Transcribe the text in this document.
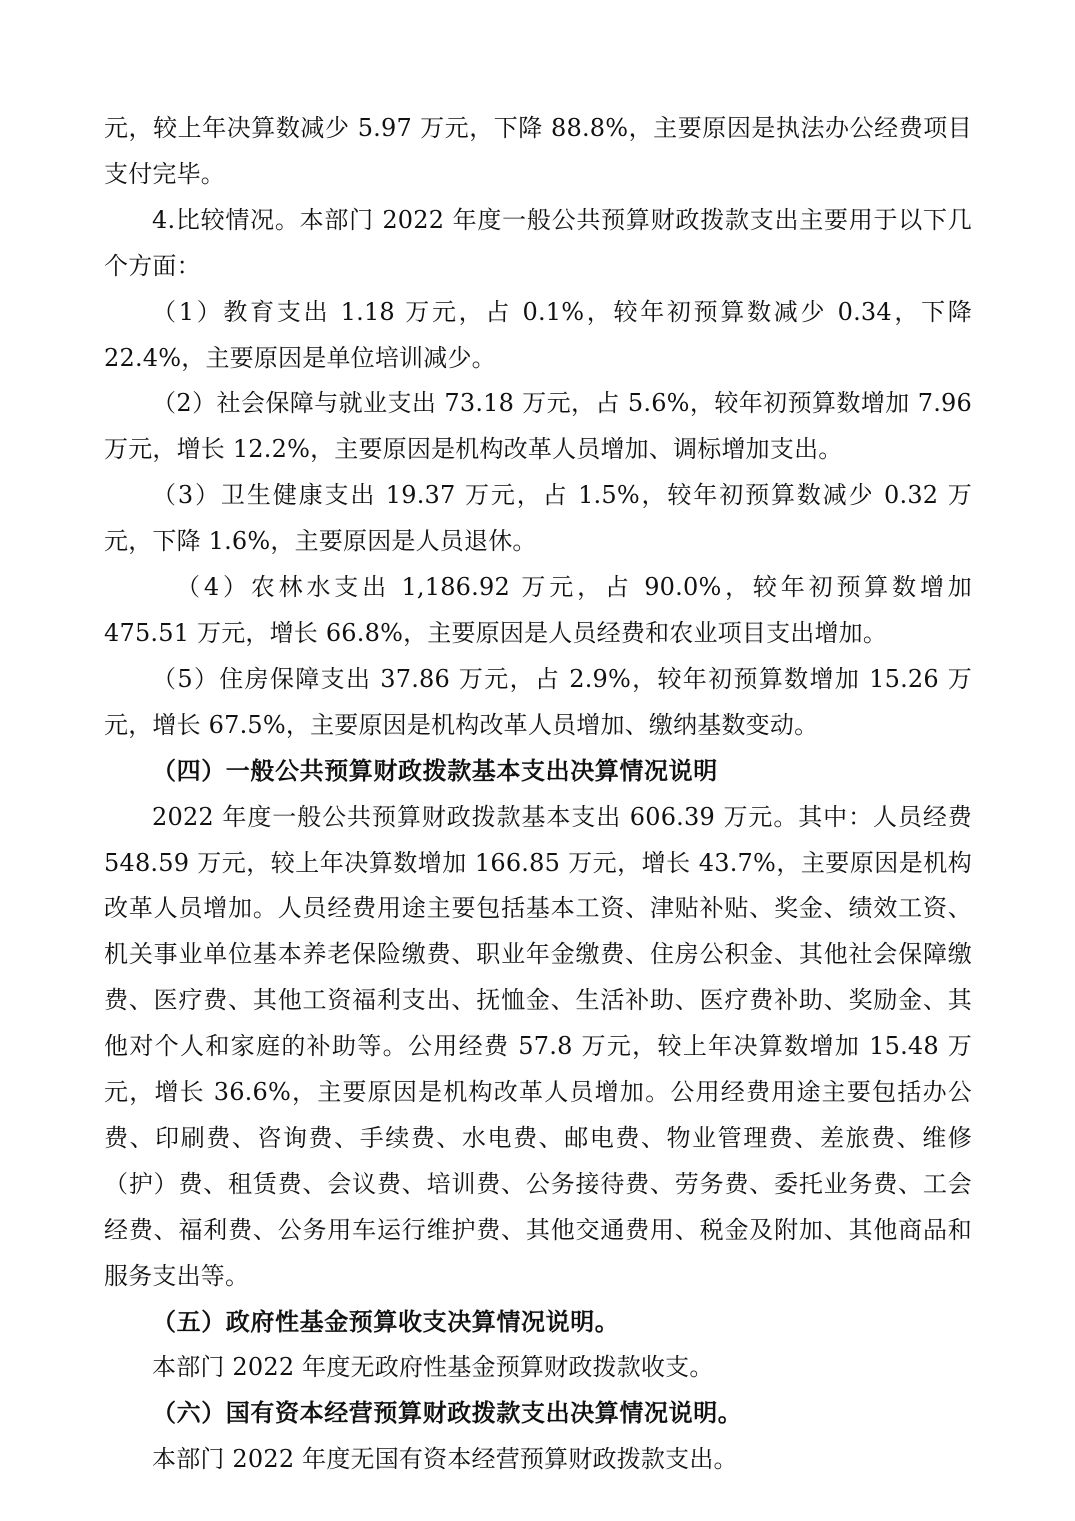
元，较上年决算数减少 5.97 万元，下降 88.8%，主要原因是执法办公经费项目支付完毕。

4.比较情况。本部门 2022 年度一般公共预算财政拨款支出主要用于以下几个方面：

（1）教育支出 1.18 万元，占 0.1%，较年初预算数减少 0.34，下降 22.4%，主要原因是单位培训减少。

（2）社会保障与就业支出 73.18 万元，占 5.6%，较年初预算数增加 7.96 万元，增长 12.2%，主要原因是机构改革人员增加、调标增加支出。

（3）卫生健康支出 19.37 万元，占 1.5%，较年初预算数减少 0.32 万元，下降 1.6%，主要原因是人员退休。

（4）农林水支出 1,186.92 万元，占 90.0%，较年初预算数增加 475.51 万元，增长 66.8%，主要原因是人员经费和农业项目支出增加。

（5）住房保障支出 37.86 万元，占 2.9%，较年初预算数增加 15.26 万元，增长 67.5%，主要原因是机构改革人员增加、缴纳基数变动。

（四）一般公共预算财政拨款基本支出决算情况说明

2022 年度一般公共预算财政拨款基本支出 606.39 万元。其中：人员经费 548.59 万元，较上年决算数增加 166.85 万元，增长 43.7%，主要原因是机构改革人员增加。人员经费用途主要包括基本工资、津贴补贴、奖金、绩效工资、机关事业单位基本养老保险缴费、职业年金缴费、住房公积金、其他社会保障缴费、医疗费、其他工资福利支出、抚恤金、生活补助、医疗费补助、奖励金、其他对个人和家庭的补助等。公用经费 57.8 万元，较上年决算数增加 15.48 万元，增长 36.6%，主要原因是机构改革人员增加。公用经费用途主要包括办公费、印刷费、咨询费、手续费、水电费、邮电费、物业管理费、差旅费、维修（护）费、租赁费、会议费、培训费、公务接待费、劳务费、委托业务费、工会经费、福利费、公务用车运行维护费、其他交通费用、税金及附加、其他商品和服务支出等。

（五）政府性基金预算收支决算情况说明。

本部门 2022 年度无政府性基金预算财政拨款收支。

（六）国有资本经营预算财政拨款支出决算情况说明。

本部门 2022 年度无国有资本经营预算财政拨款支出。
